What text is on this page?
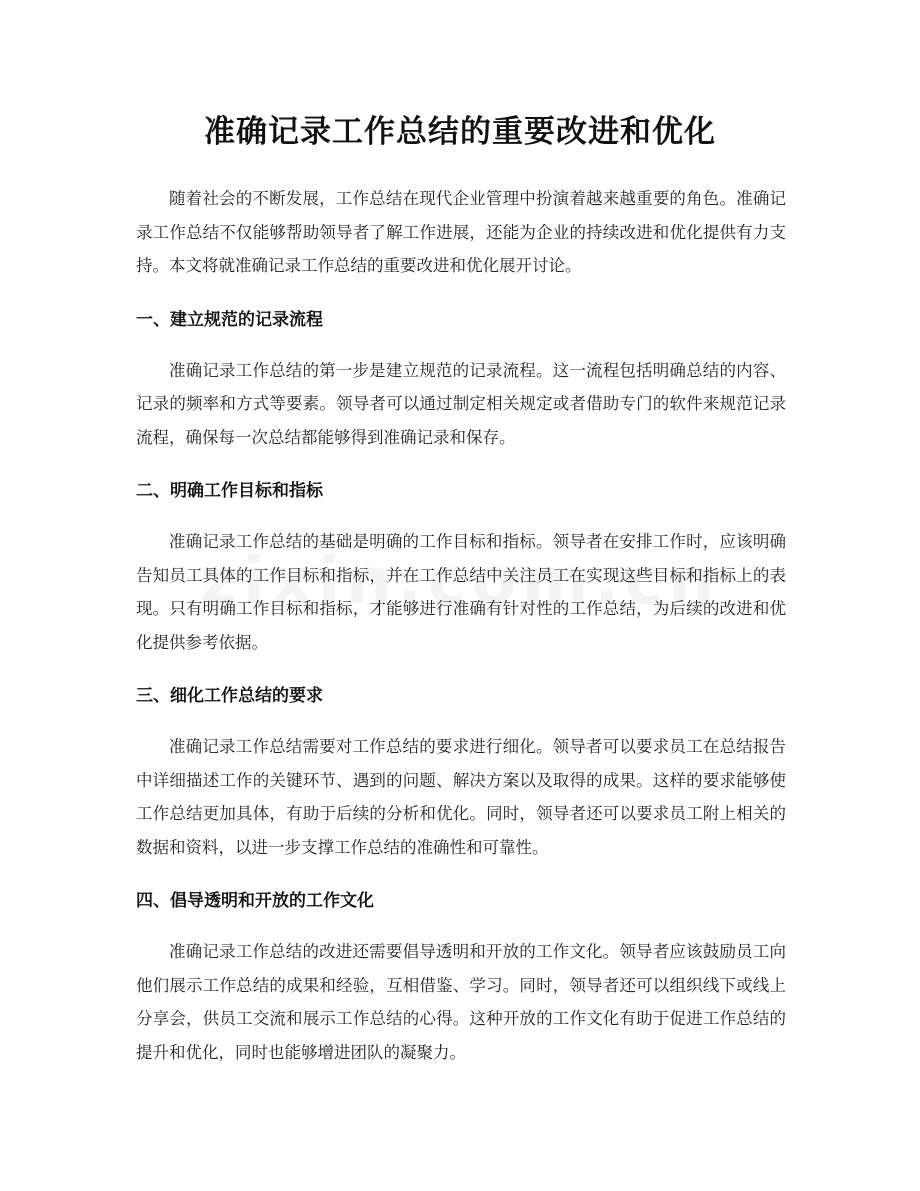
准确记录工作总结的重要改进和优化

随着社会的不断发展，工作总结在现代企业管理中扮演着越来越重要的角色。准确记录工作总结不仅能够帮助领导者了解工作进展，还能为企业的持续改进和优化提供有力支持。本文将就准确记录工作总结的重要改进和优化展开讨论。

一、建立规范的记录流程

准确记录工作总结的第一步是建立规范的记录流程。这一流程包括明确总结的内容、记录的频率和方式等要素。领导者可以通过制定相关规定或者借助专门的软件来规范记录流程，确保每一次总结都能够得到准确记录和保存。

二、明确工作目标和指标

准确记录工作总结的基础是明确的工作目标和指标。领导者在安排工作时，应该明确告知员工具体的工作目标和指标，并在工作总结中关注员工在实现这些目标和指标上的表现。只有明确工作目标和指标，才能够进行准确有针对性的工作总结，为后续的改进和优化提供参考依据。

三、细化工作总结的要求

准确记录工作总结需要对工作总结的要求进行细化。领导者可以要求员工在总结报告中详细描述工作的关键环节、遇到的问题、解决方案以及取得的成果。这样的要求能够使工作总结更加具体，有助于后续的分析和优化。同时，领导者还可以要求员工附上相关的数据和资料，以进一步支撑工作总结的准确性和可靠性。

四、倡导透明和开放的工作文化

准确记录工作总结的改进还需要倡导透明和开放的工作文化。领导者应该鼓励员工向他们展示工作总结的成果和经验，互相借鉴、学习。同时，领导者还可以组织线下或线上分享会，供员工交流和展示工作总结的心得。这种开放的工作文化有助于促进工作总结的提升和优化，同时也能够增进团队的凝聚力。
